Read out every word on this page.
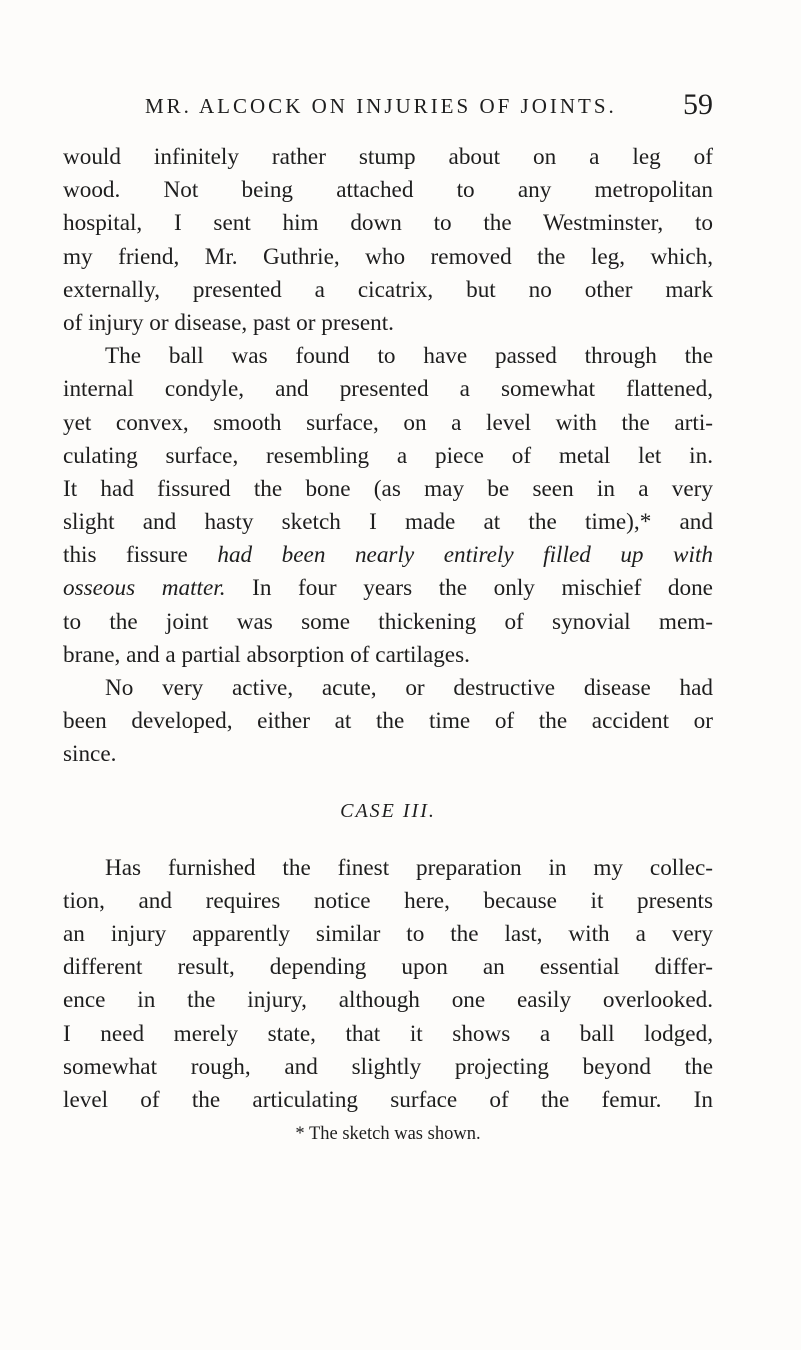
MR. ALCOCK ON INJURIES OF JOINTS. 59
would infinitely rather stump about on a leg of
wood. Not being attached to any metropolitan
hospital, I sent him down to the Westminster, to
my friend, Mr. Guthrie, who removed the leg, which,
externally, presented a cicatrix, but no other mark
of injury or disease, past or present.
The ball was found to have passed through the
internal condyle, and presented a somewhat flattened,
yet convex, smooth surface, on a level with the arti-
culating surface, resembling a piece of metal let in.
It had fissured the bone (as may be seen in a very
slight and hasty sketch I made at the time),* and
this fissure had been nearly entirely filled up with
osseous matter. In four years the only mischief done
to the joint was some thickening of synovial mem-
brane, and a partial absorption of cartilages.
No very active, acute, or destructive disease had
been developed, either at the time of the accident or
since.
CASE III.
Has furnished the finest preparation in my collec-
tion, and requires notice here, because it presents
an injury apparently similar to the last, with a very
different result, depending upon an essential differ-
ence in the injury, although one easily overlooked.
I need merely state, that it shows a ball lodged,
somewhat rough, and slightly projecting beyond the
level of the articulating surface of the femur. In
* The sketch was shown.
